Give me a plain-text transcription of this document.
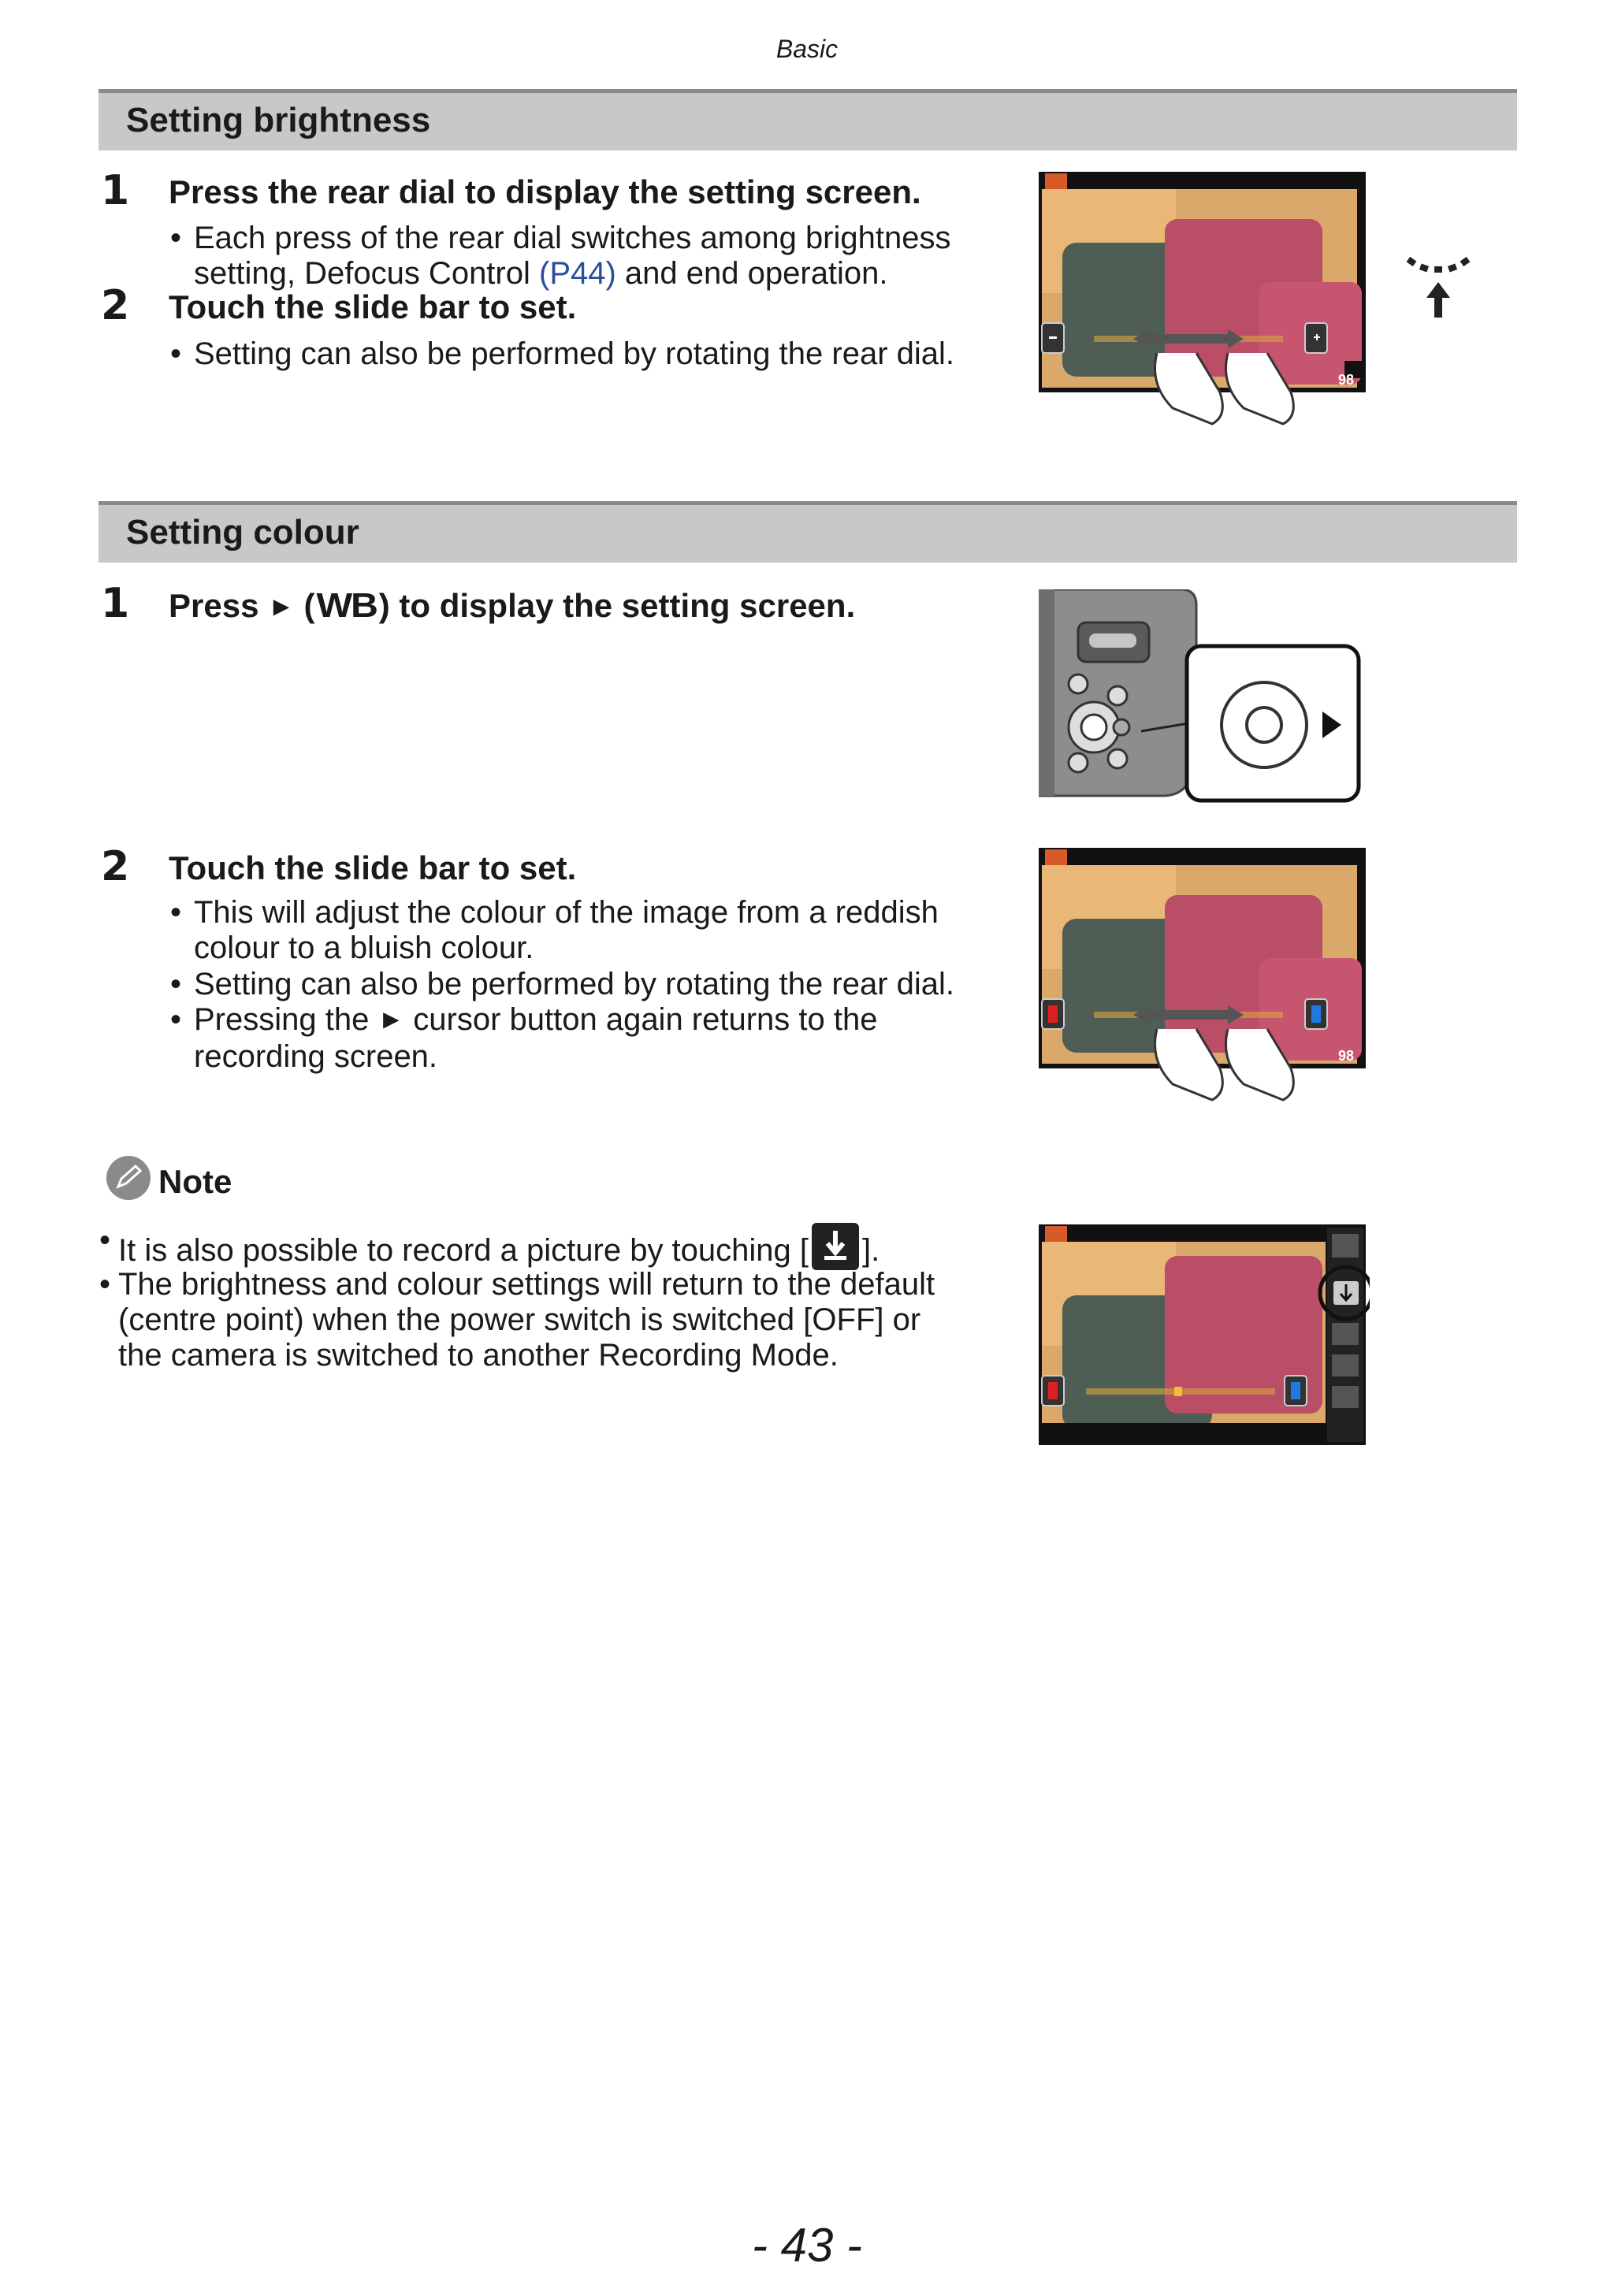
Basic
Setting brightness
1 Press the rear dial to display the setting screen.
• Each press of the rear dial switches among brightness
setting, Defocus Control (P44) and end operation.
2 Touch the slide bar to set.
• Setting can also be performed by rotating the rear dial.
98
Setting colour
1 Press ► (WB) to display the setting screen.
2 Touch the slide bar to set.
• This will adjust the colour of the image from a reddish
colour to a bluish colour.
• Setting can also be performed by rotating the rear dial.
• Pressing the ► cursor button again returns to the
recording screen.	98
Note
• It is also possible to record a picture by touching [ ].
• The brightness and colour settings will return to the default
(centre point) when the power switch is switched [OFF] or
the camera is switched to another Recording Mode.
- 43 -
